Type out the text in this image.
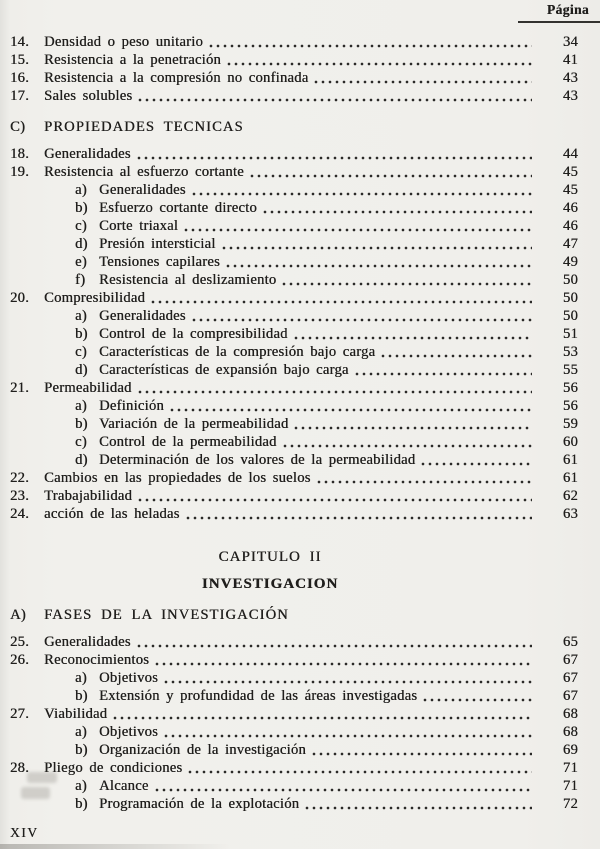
Página
14.	Densidad o peso unitario	34
15.	Resistencia a la penetración	41
16.	Resistencia a la compresión no confinada	43
17.	Sales solubles	43
C)	PROPIEDADES TECNICAS
18.	Generalidades	44
19.	Resistencia al esfuerzo cortante	45
a) Generalidades	45
b) Esfuerzo cortante directo	46
c) Corte triaxal	46
d) Presión intersticial	47
e) Tensiones capilares	49
f) Resistencia al deslizamiento	50
20.	Compresibilidad	50
a) Generalidades	50
b) Control de la compresibilidad	51
c) Características de la compresión bajo carga	53
d) Características de expansión bajo carga	55
21.	Permeabilidad	56
a) Definición	56
b) Variación de la permeabilidad	59
c) Control de la permeabilidad	60
d) Determinación de los valores de la permeabilidad	61
22.	Cambios en las propiedades de los suelos	61
23.	Trabajabilidad	62
24.	acción de las heladas	63
CAPITULO II
INVESTIGACION
A)	FASES DE LA INVESTIGACIÓN
25.	Generalidades	65
26.	Reconocimientos	67
a) Objetivos	67
b) Extensión y profundidad de las áreas investigadas	67
27.	Viabilidad	68
a) Objetivos	68
b) Organización de la investigación	69
28.	Pliego de condiciones	71
a) Alcance	71
b) Programación de la explotación	72
XIV
